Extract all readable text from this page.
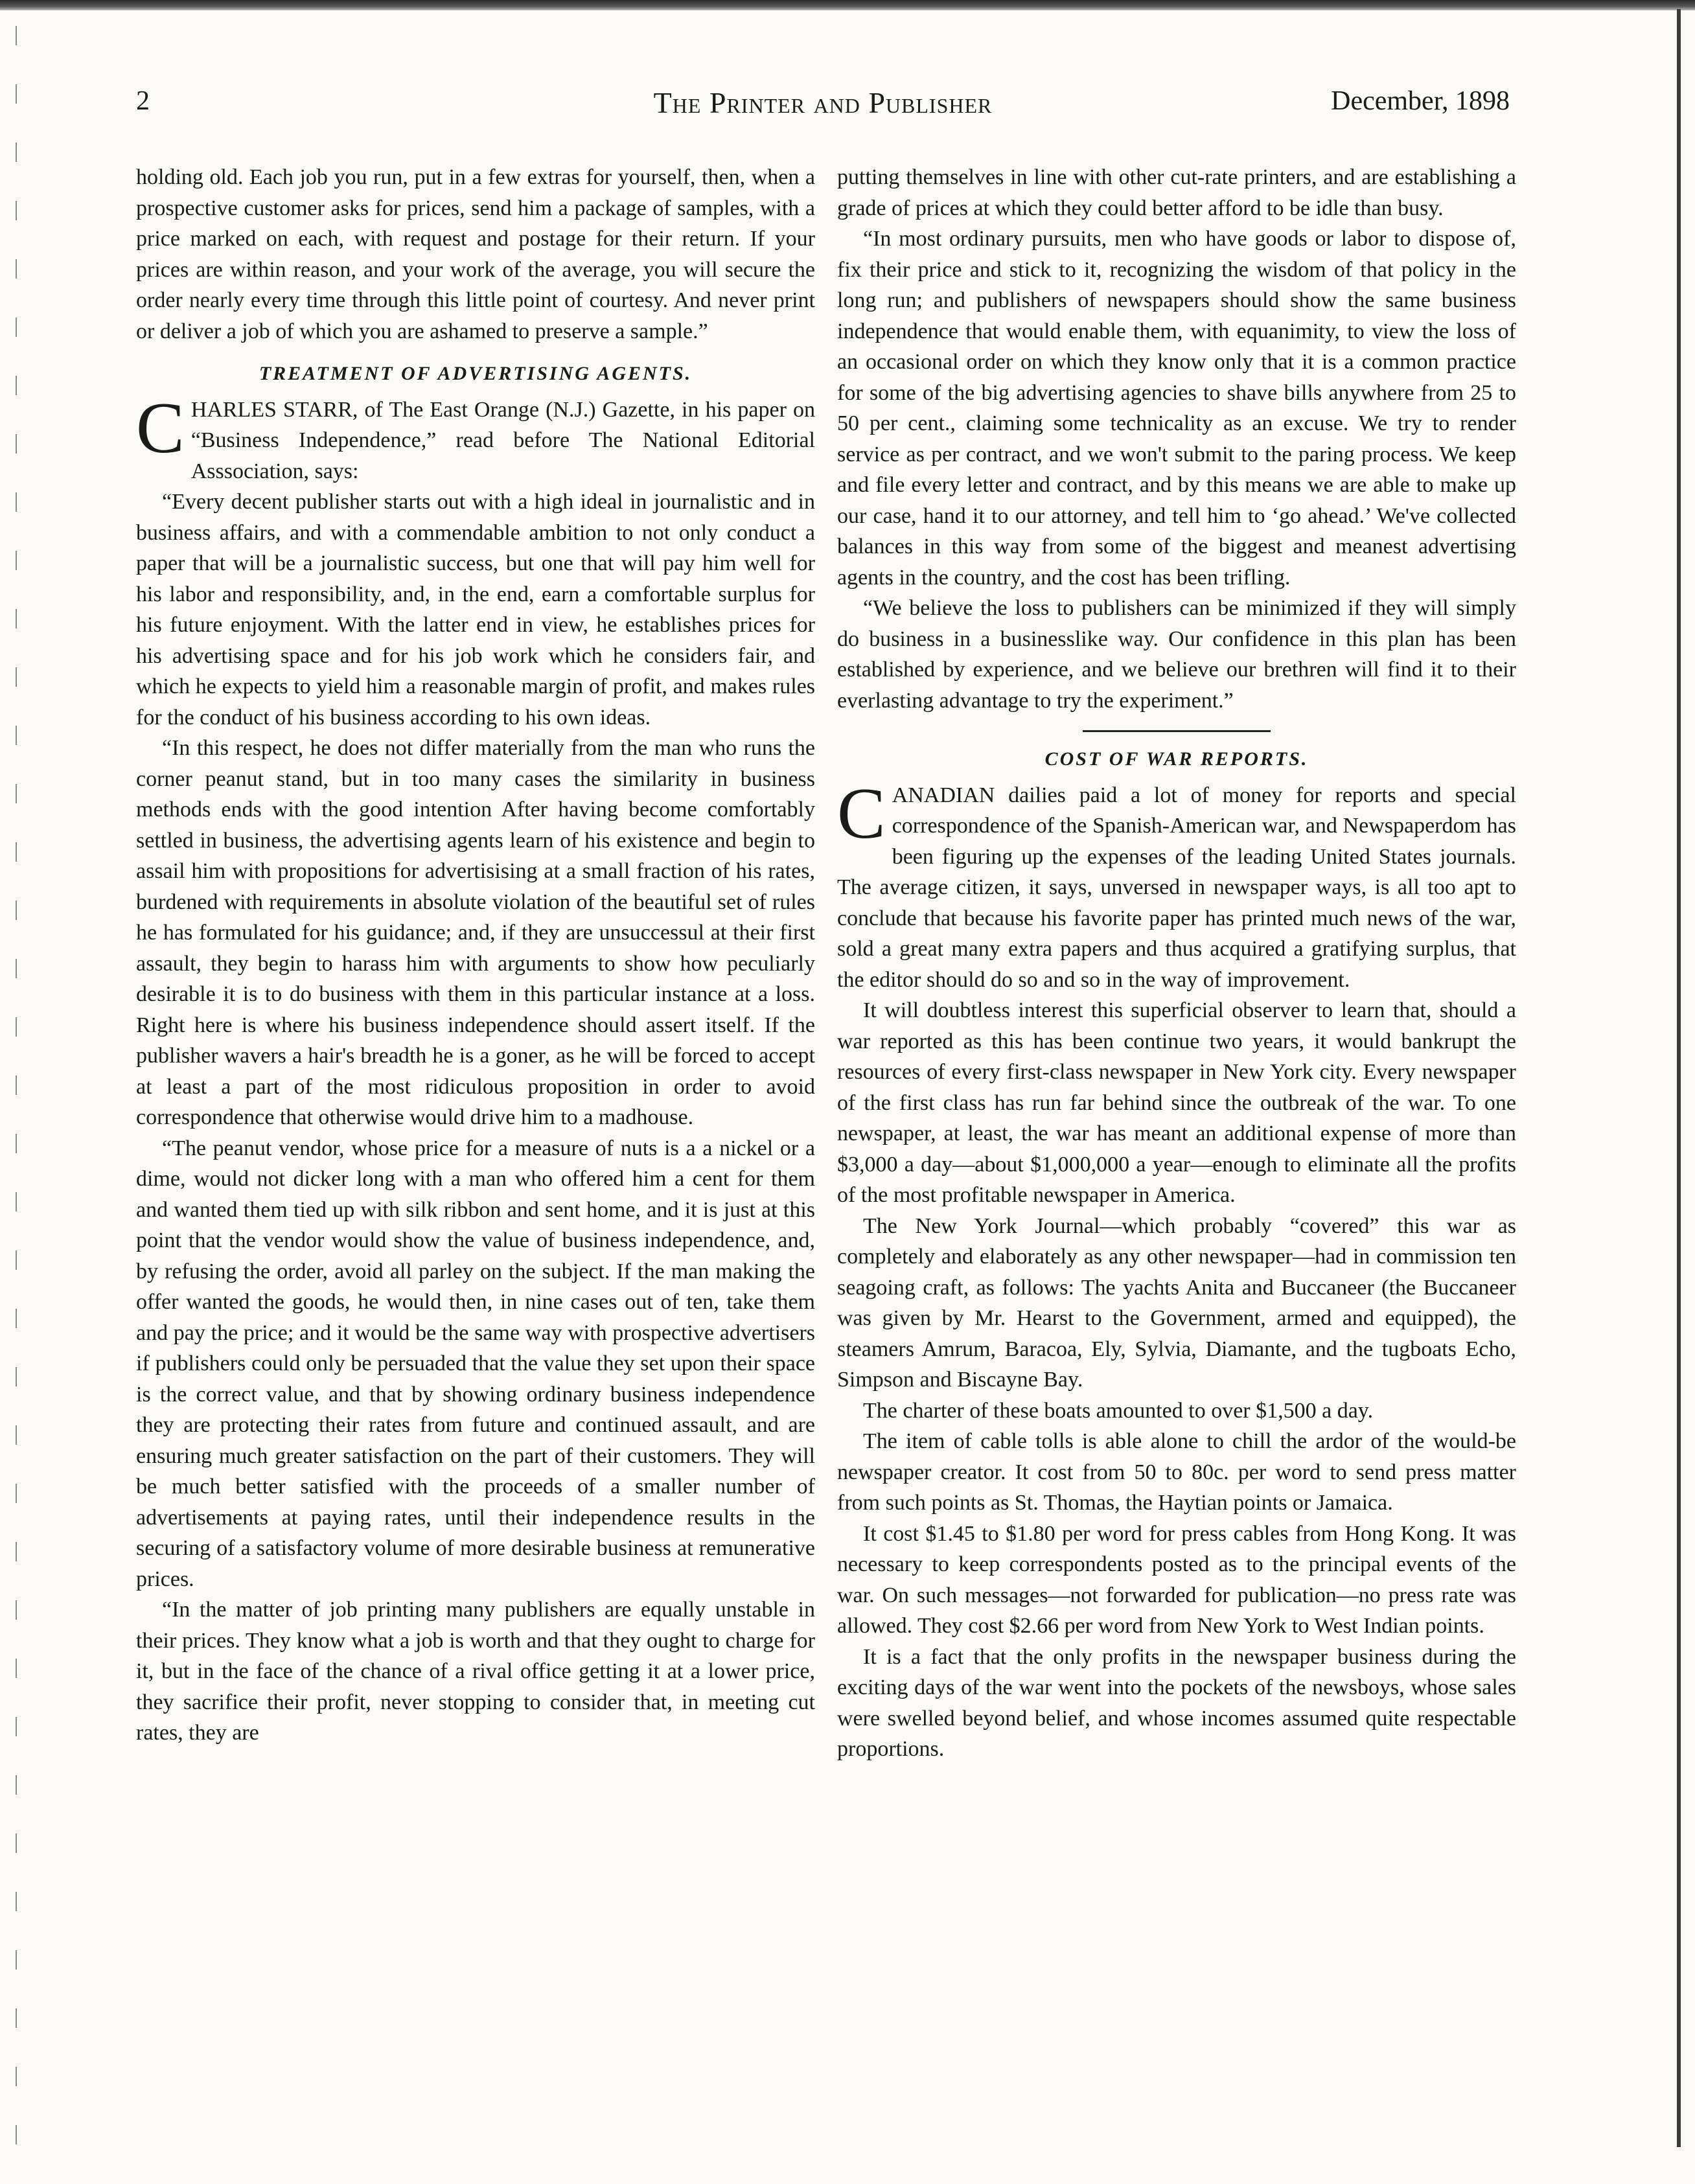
2	The Printer and Publisher	December, 1898

holding old. Each job you run, put in a few extras for yourself, then, when a prospective customer asks for prices, send him a package of samples, with a price marked on each, with request and postage for their return. If your prices are within reason, and your work of the average, you will secure the order nearly every time through this little point of courtesy. And never print or deliver a job of which you are ashamed to preserve a sample.”

TREATMENT OF ADVERTISING AGENTS.

CHARLES STARR, of The East Orange (N.J.) Gazette, in his paper on “Business Independence,” read before The National Editorial Asssociation, says:

“Every decent publisher starts out with a high ideal in journalistic and in business affairs, and with a commendable ambition to not only conduct a paper that will be a journalistic success, but one that will pay him well for his labor and responsibility, and, in the end, earn a comfortable surplus for his future enjoyment. With the latter end in view, he establishes prices for his advertising space and for his job work which he considers fair, and which he expects to yield him a reasonable margin of profit, and makes rules for the conduct of his business according to his own ideas.

“In this respect, he does not differ materially from the man who runs the corner peanut stand, but in too many cases the similarity in business methods ends with the good intention After having become comfortably settled in business, the advertising agents learn of his existence and begin to assail him with propositions for advertisising at a small fraction of his rates, burdened with requirements in absolute violation of the beautiful set of rules he has formulated for his guidance; and, if they are unsuccessul at their first assault, they begin to harass him with arguments to show how peculiarly desirable it is to do business with them in this particular instance at a loss. Right here is where his business independence should assert itself. If the publisher wavers a hair's breadth he is a goner, as he will be forced to accept at least a part of the most ridiculous proposition in order to avoid correspondence that otherwise would drive him to a madhouse.

“The peanut vendor, whose price for a measure of nuts is a a nickel or a dime, would not dicker long with a man who offered him a cent for them and wanted them tied up with silk ribbon and sent home, and it is just at this point that the vendor would show the value of business independence, and, by refusing the order, avoid all parley on the subject. If the man making the offer wanted the goods, he would then, in nine cases out of ten, take them and pay the price; and it would be the same way with prospective advertisers if publishers could only be persuaded that the value they set upon their space is the correct value, and that by showing ordinary business independence they are protecting their rates from future and continued assault, and are ensuring much greater satisfaction on the part of their customers. They will be much better satisfied with the proceeds of a smaller number of advertisements at paying rates, until their independence results in the securing of a satisfactory volume of more desirable business at remunerative prices.

“In the matter of job printing many publishers are equally unstable in their prices. They know what a job is worth and that they ought to charge for it, but in the face of the chance of a rival office getting it at a lower price, they sacrifice their profit, never stopping to consider that, in meeting cut rates, they are

putting themselves in line with other cut-rate printers, and are establishing a grade of prices at which they could better afford to be idle than busy.

“In most ordinary pursuits, men who have goods or labor to dispose of, fix their price and stick to it, recognizing the wisdom of that policy in the long run; and publishers of newspapers should show the same business independence that would enable them, with equanimity, to view the loss of an occasional order on which they know only that it is a common practice for some of the big advertising agencies to shave bills anywhere from 25 to 50 per cent., claiming some technicality as an excuse. We try to render service as per contract, and we won't submit to the paring process. We keep and file every letter and contract, and by this means we are able to make up our case, hand it to our attorney, and tell him to ‘go ahead.’ We've collected balances in this way from some of the biggest and meanest advertising agents in the country, and the cost has been trifling.

“We believe the loss to publishers can be minimized if they will simply do business in a businesslike way. Our confidence in this plan has been established by experience, and we believe our brethren will find it to their everlasting advantage to try the experiment.”

COST OF WAR REPORTS.

CANADIAN dailies paid a lot of money for reports and special correspondence of the Spanish-American war, and Newspaperdom has been figuring up the expenses of the leading United States journals. The average citizen, it says, unversed in newspaper ways, is all too apt to conclude that because his favorite paper has printed much news of the war, sold a great many extra papers and thus acquired a gratifying surplus, that the editor should do so and so in the way of improvement.

It will doubtless interest this superficial observer to learn that, should a war reported as this has been continue two years, it would bankrupt the resources of every first-class newspaper in New York city. Every newspaper of the first class has run far behind since the outbreak of the war. To one newspaper, at least, the war has meant an additional expense of more than $3,000 a day—about $1,000,000 a year—enough to eliminate all the profits of the most profitable newspaper in America.

The New York Journal—which probably “covered” this war as completely and elaborately as any other newspaper—had in commission ten seagoing craft, as follows: The yachts Anita and Buccaneer (the Buccaneer was given by Mr. Hearst to the Government, armed and equipped), the steamers Amrum, Baracoa, Ely, Sylvia, Diamante, and the tugboats Echo, Simpson and Biscayne Bay.

The charter of these boats amounted to over $1,500 a day.

The item of cable tolls is able alone to chill the ardor of the would-be newspaper creator. It cost from 50 to 80c. per word to send press matter from such points as St. Thomas, the Haytian points or Jamaica.

It cost $1.45 to $1.80 per word for press cables from Hong Kong. It was necessary to keep correspondents posted as to the principal events of the war. On such messages—not forwarded for publication—no press rate was allowed. They cost $2.66 per word from New York to West Indian points.

It is a fact that the only profits in the newspaper business during the exciting days of the war went into the pockets of the newsboys, whose sales were swelled beyond belief, and whose incomes assumed quite respectable proportions.
